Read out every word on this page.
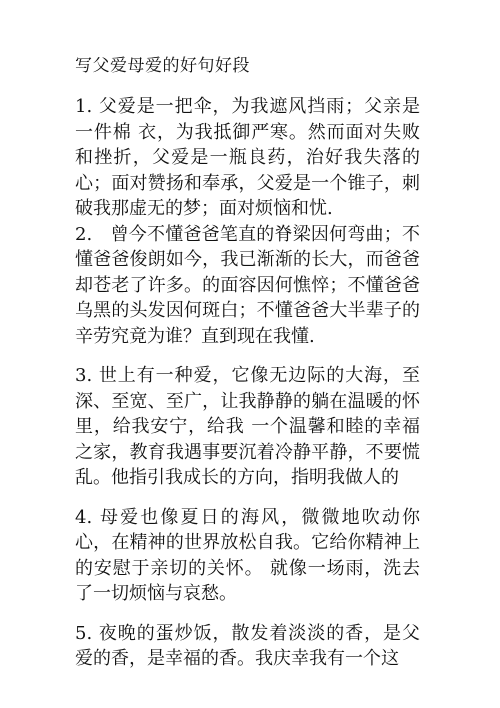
写父爱母爱的好句好段

1. 父爱是一把伞，为我遮风挡雨；父亲是一件棉 衣，为我抵御严寒。然而面对失败和挫折，父爱是一瓶良药，治好我失落的心；面对赞扬和奉承，父爱是一个锥子，刺破我那虚无的梦；面对烦恼和忧.

2.　曾今不懂爸爸笔直的脊梁因何弯曲；不懂爸爸俊朗如今，我已渐渐的长大，而爸爸却苍老了许多。的面容因何憔悴；不懂爸爸乌黑的头发因何斑白；不懂爸爸大半辈子的辛劳究竟为谁？直到现在我懂.

3. 世上有一种爱，它像无边际的大海，至深、至宽、至广，让我静静的躺在温暖的怀里，给我安宁，给我 一个温馨和睦的幸福之家，教育我遇事要沉着冷静平静，不要慌乱。他指引我成长的方向，指明我做人的

4. 母爱也像夏日的海风，微微地吹动你心，在精神的世界放松自我。它给你精神上的安慰于亲切的关怀。 就像一场雨，洗去了一切烦恼与哀愁。

5. 夜晚的蛋炒饭，散发着淡淡的香，是父爱的香，是幸福的香。我庆幸我有一个这
